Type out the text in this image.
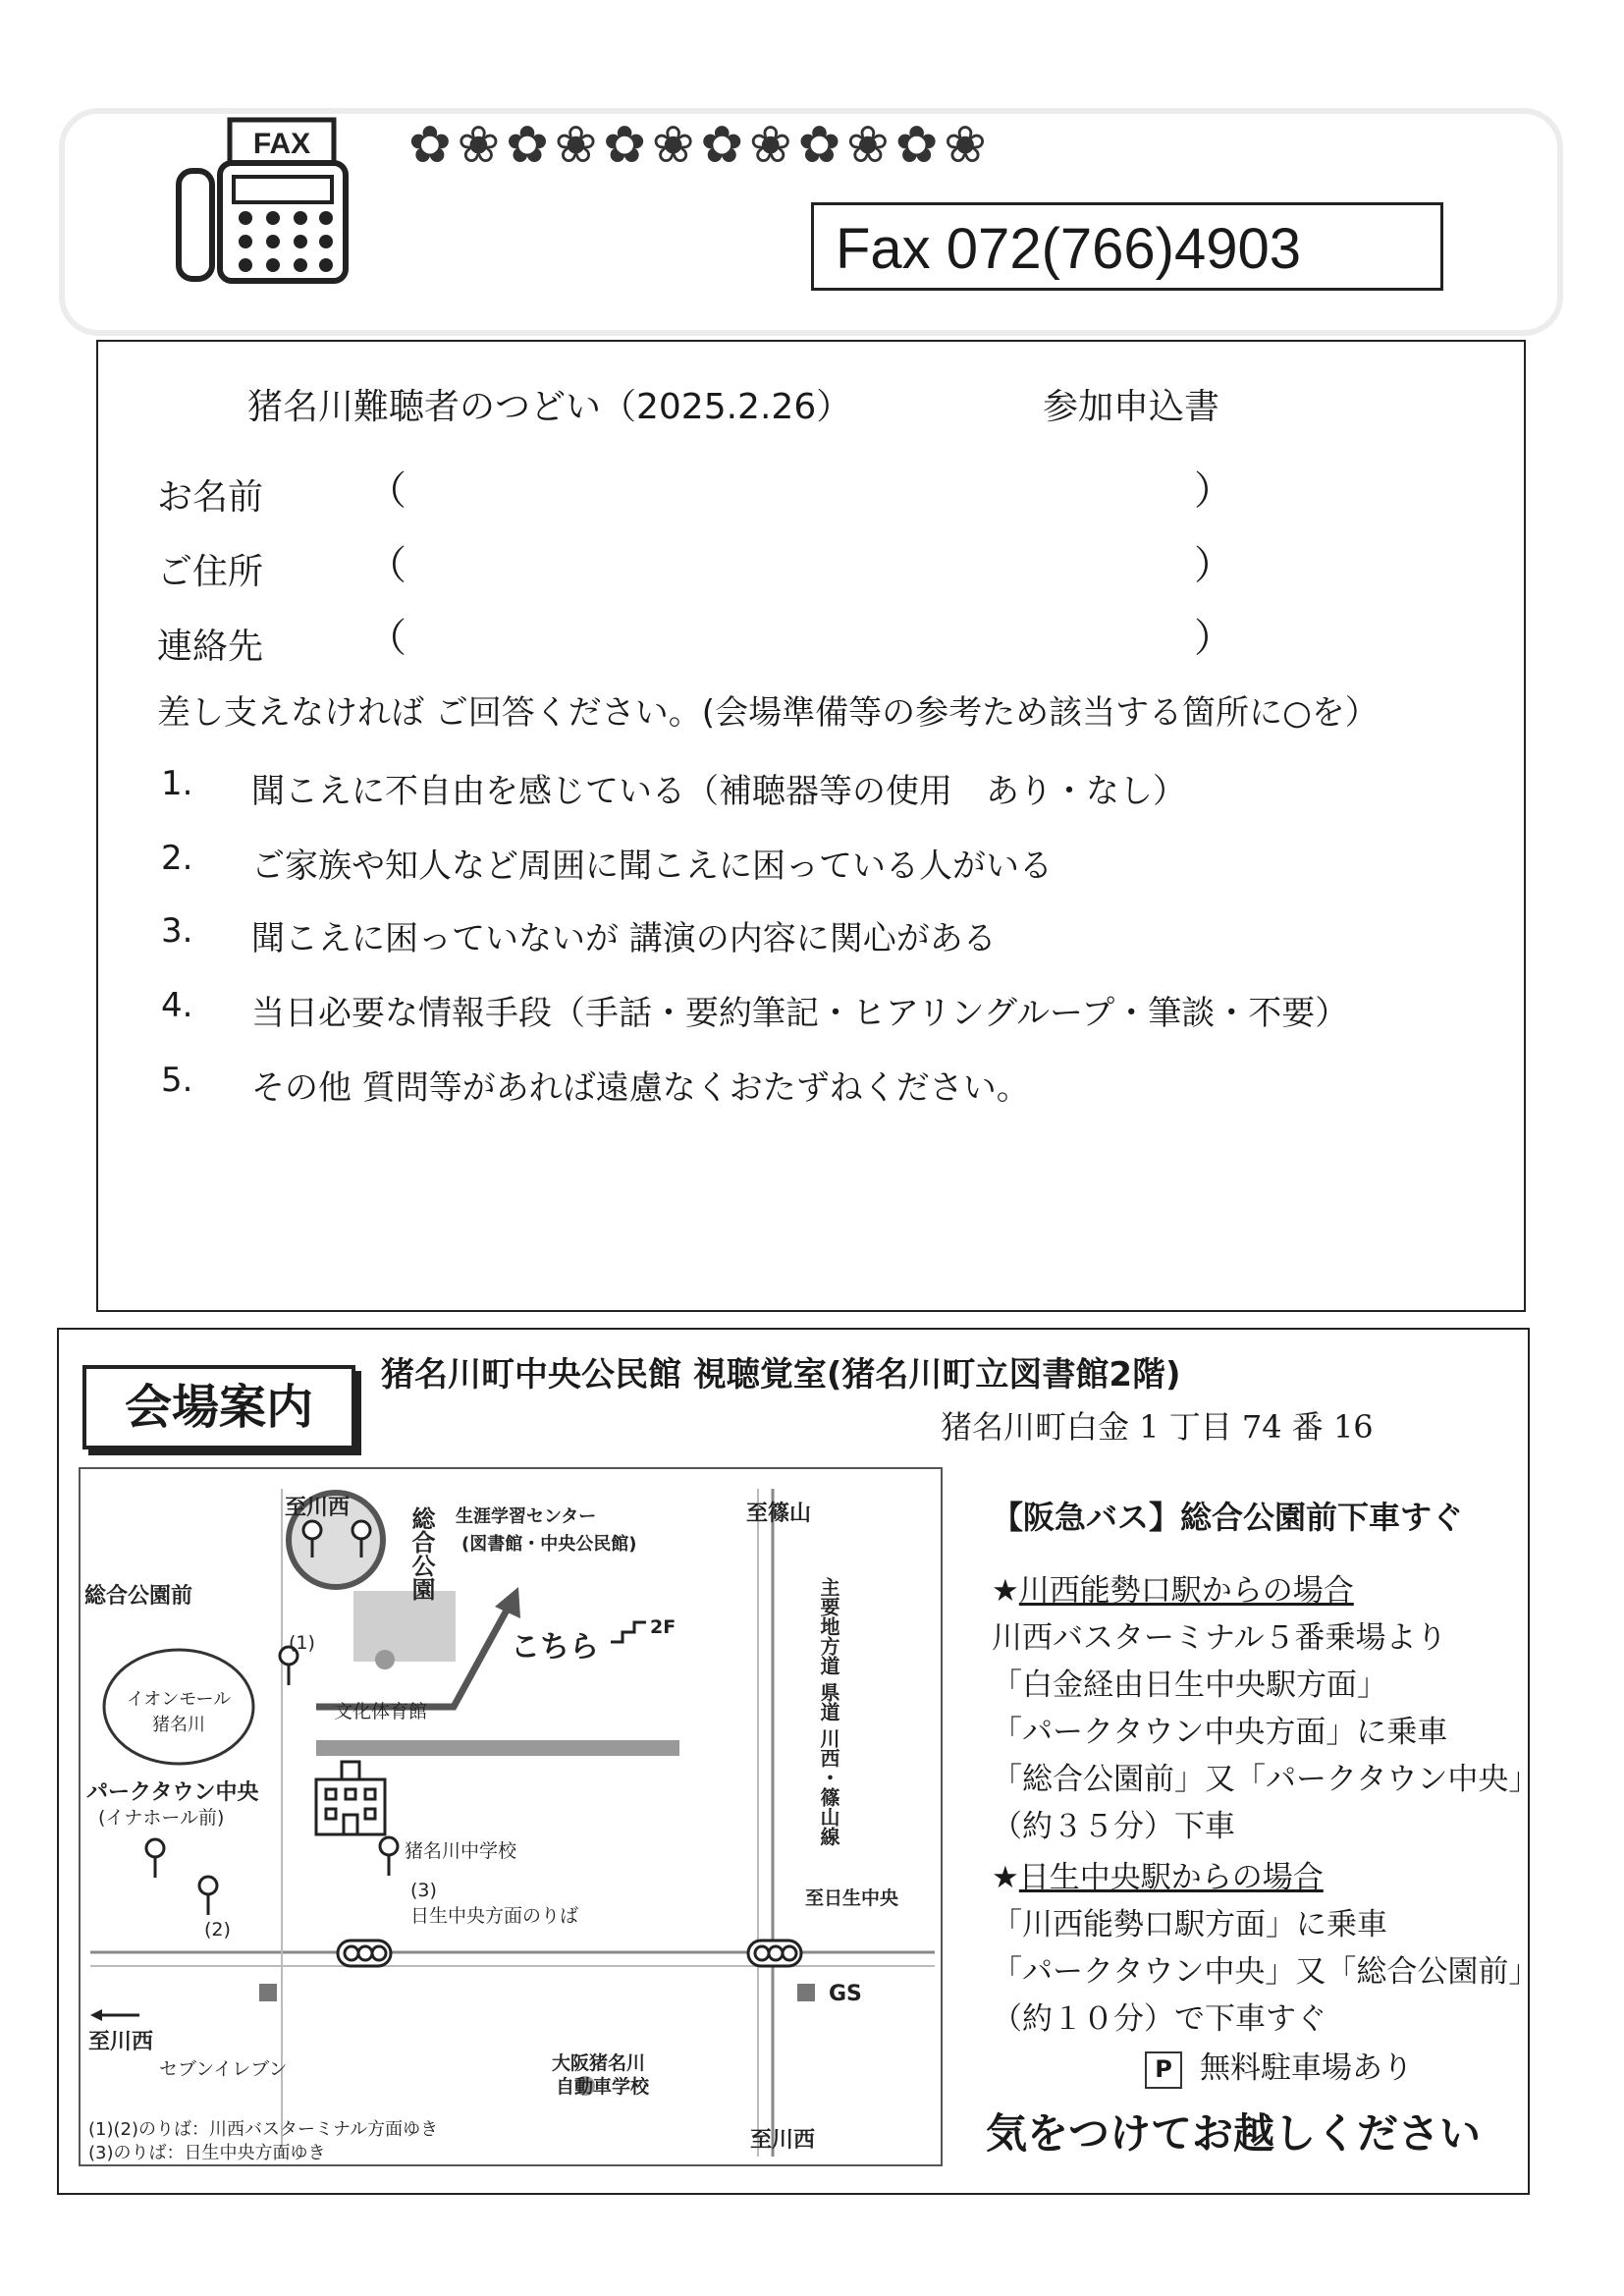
FAX ✿❀✿❀✿❀✿❀✿❀✿❀
Fax 072(766)4903
猪名川難聴者のつどい（2025.2.26）	参加申込書
お名前	（	）
ご住所	（	）
連絡先	（	）
差し支えなければ ご回答ください。(会場準備等の参考ため該当する箇所に○を）
1. 聞こえに不自由を感じている（補聴器等の使用　あり・なし）
2. ご家族や知人など周囲に聞こえに困っている人がいる
3. 聞こえに困っていないが 講演の内容に関心がある
4. 当日必要な情報手段（手話・要約筆記・ヒアリングループ・筆談・不要）
5. その他 質問等があれば遠慮なくおたずねください。
会場案内
猪名川町中央公民館 視聴覚室(猪名川町立図書館2階)
猪名川町白金 1 丁目 74 番 16
至川西 総合公園 生涯学習センター
(図書館・中央公民館)
至篠山
総合公園前
こちら
2F	主要地方道 県道 川西・篠山線
文化体育館
イオンモール猪名川
パークタウン中央
(イナホール前)
猪名川中学校
(3)
日生中央方面のりば
至日生中央
(1)
(2)
至川西
セブンイレブン
GS
大阪猪名川
自動車学校
至川西
(1)(2)のりば：川西バスターミナル方面ゆき
(3)のりば：日生中央方面ゆき
【阪急バス】総合公園前下車すぐ
★川西能勢口駅からの場合
川西バスターミナル５番乗場より
「白金経由日生中央駅方面」
「パークタウン中央方面」に乗車
「総合公園前」又「パークタウン中央」
（約３５分）下車
★日生中央駅からの場合
「川西能勢口駅方面」に乗車
「パークタウン中央」又「総合公園前」
（約１０分）で下車すぐ
P 無料駐車場あり
気をつけてお越しください
